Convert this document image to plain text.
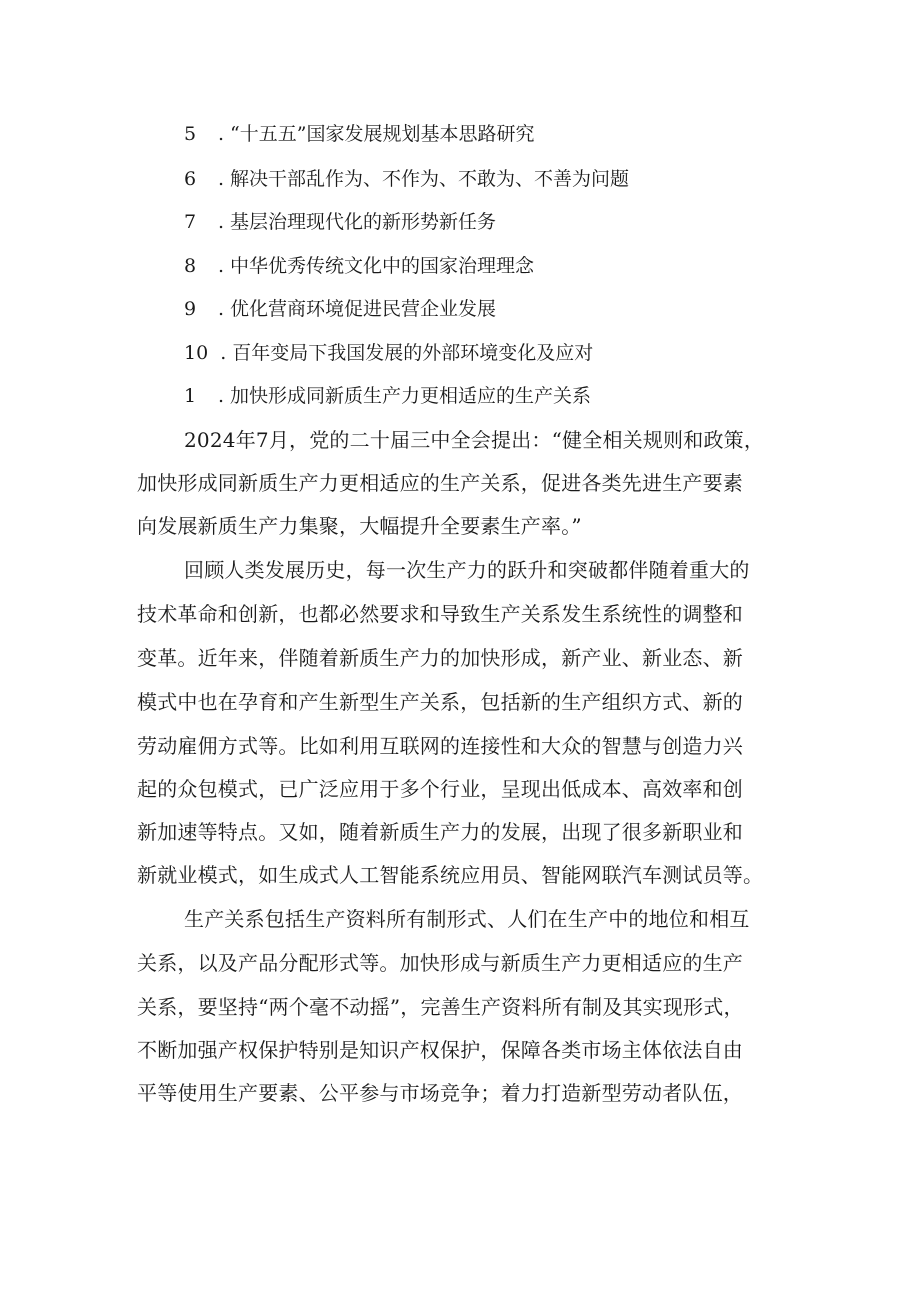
5 . “十五五”国家发展规划基本思路研究
6 . 解决干部乱作为、不作为、不敢为、不善为问题
7 . 基层治理现代化的新形势新任务
8 . 中华优秀传统文化中的国家治理理念
9 . 优化营商环境促进民营企业发展
10 . 百年变局下我国发展的外部环境变化及应对
1 . 加快形成同新质生产力更相适应的生产关系
2024年7月，党的二十届三中全会提出：“健全相关规则和政策，
加快形成同新质生产力更相适应的生产关系，促进各类先进生产要素
向发展新质生产力集聚，大幅提升全要素生产率。”
回顾人类发展历史，每一次生产力的跃升和突破都伴随着重大的
技术革命和创新，也都必然要求和导致生产关系发生系统性的调整和
变革。近年来，伴随着新质生产力的加快形成，新产业、新业态、新
模式中也在孕育和产生新型生产关系，包括新的生产组织方式、新的
劳动雇佣方式等。比如利用互联网的连接性和大众的智慧与创造力兴
起的众包模式，已广泛应用于多个行业，呈现出低成本、高效率和创
新加速等特点。又如，随着新质生产力的发展，出现了很多新职业和
新就业模式，如生成式人工智能系统应用员、智能网联汽车测试员等。
生产关系包括生产资料所有制形式、人们在生产中的地位和相互
关系，以及产品分配形式等。加快形成与新质生产力更相适应的生产
关系，要坚持“两个毫不动摇”，完善生产资料所有制及其实现形式，
不断加强产权保护特别是知识产权保护，保障各类市场主体依法自由
平等使用生产要素、公平参与市场竞争；着力打造新型劳动者队伍，
